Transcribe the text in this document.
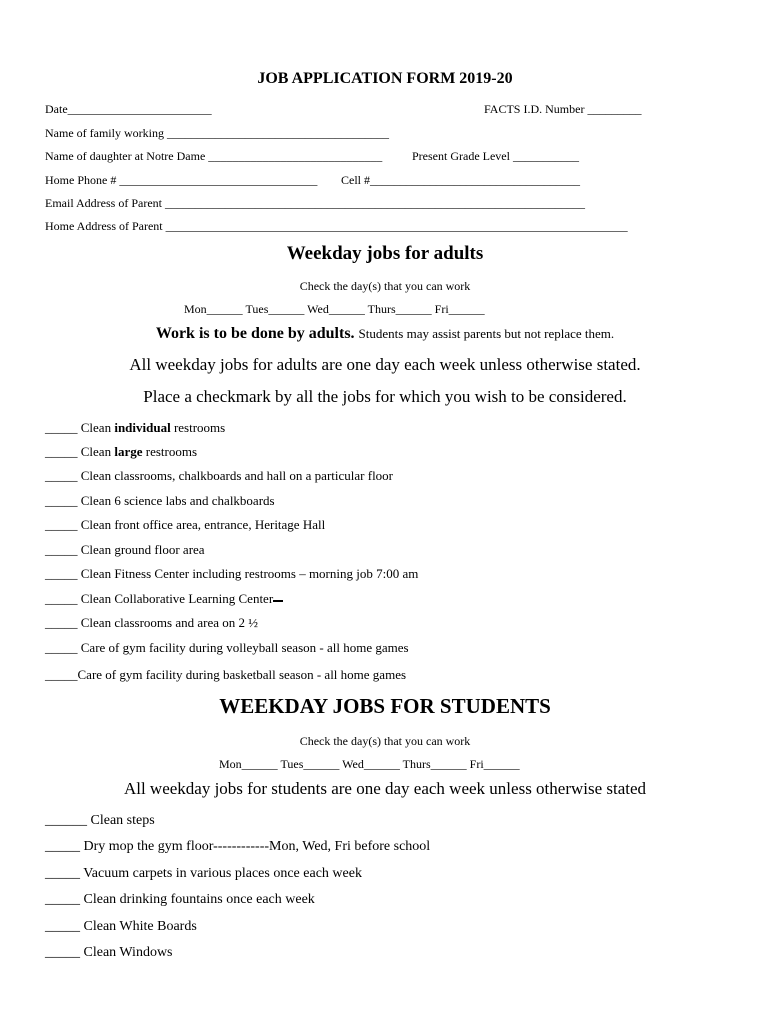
JOB APPLICATION FORM 2019-20
Date________________________	FACTS I.D. Number _________
Name of family working _____________________________________
Name of daughter at Notre Dame _____________________________ Present Grade Level ___________
Home Phone # _________________________________ Cell #___________________________________
Email Address of Parent ______________________________________________________________________
Home Address of Parent _____________________________________________________________________________
Weekday jobs for adults
Check the day(s) that you can work
Mon______ Tues______ Wed______ Thurs______ Fri______
Work is to be done by adults. Students may assist parents but not replace them.
All weekday jobs for adults are one day each week unless otherwise stated.
Place a checkmark by all the jobs for which you wish to be considered.
_____ Clean individual restrooms
_____ Clean large restrooms
_____ Clean classrooms, chalkboards and hall on a particular floor
_____ Clean 6 science labs and chalkboards
_____ Clean front office area, entrance, Heritage Hall
_____ Clean ground floor area
_____ Clean Fitness Center including restrooms – morning job 7:00 am
_____ Clean Collaborative Learning Center
_____ Clean classrooms and area on 2 ½
_____ Care of gym facility during volleyball season - all home games
_____Care of gym facility during basketball season - all home games
WEEKDAY JOBS FOR STUDENTS
Check the day(s) that you can work
Mon______ Tues______ Wed______ Thurs______ Fri______
All weekday jobs for students are one day each week unless otherwise stated
______ Clean steps
_____ Dry mop the gym floor------------Mon, Wed, Fri before school
_____ Vacuum carpets in various places once each week
_____ Clean drinking fountains once each week
_____ Clean White Boards
_____ Clean Windows
